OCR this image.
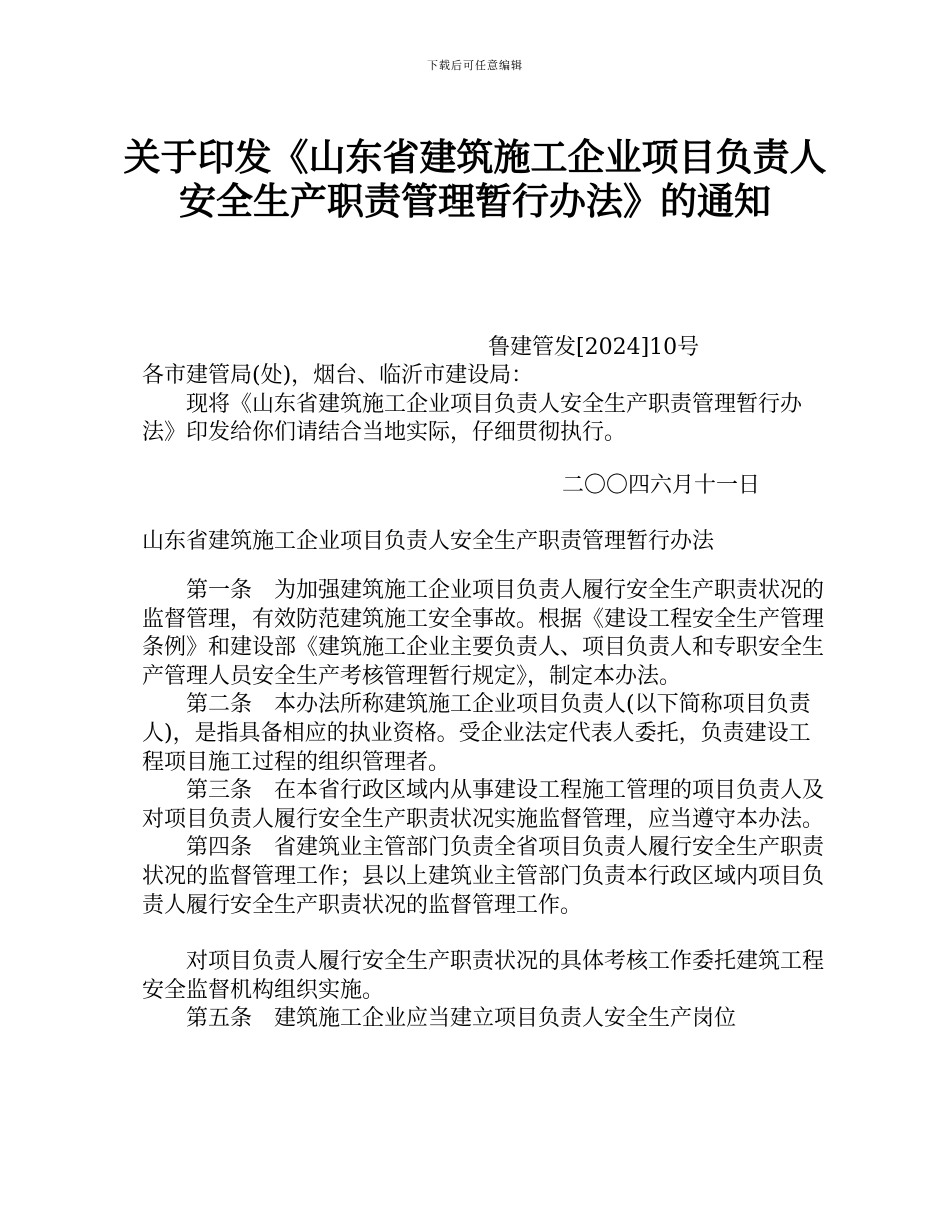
下载后可任意编辑
关于印发《山东省建筑施工企业项目负责人安全生产职责管理暂行办法》的通知
鲁建管发[2024]10号

各市建管局(处)，烟台、临沂市建设局：

现将《山东省建筑施工企业项目负责人安全生产职责管理暂行办法》印发给你们请结合当地实际，仔细贯彻执行。

二〇〇四六月十一日

山东省建筑施工企业项目负责人安全生产职责管理暂行办法

第一条　为加强建筑施工企业项目负责人履行安全生产职责状况的监督管理，有效防范建筑施工安全事故。根据《建设工程安全生产管理条例》和建设部《建筑施工企业主要负责人、项目负责人和专职安全生产管理人员安全生产考核管理暂行规定》，制定本办法。

第二条　本办法所称建筑施工企业项目负责人(以下简称项目负责人)，是指具备相应的执业资格。受企业法定代表人委托，负责建设工程项目施工过程的组织管理者。

第三条　在本省行政区域内从事建设工程施工管理的项目负责人及对项目负责人履行安全生产职责状况实施监督管理，应当遵守本办法。

第四条　省建筑业主管部门负责全省项目负责人履行安全生产职责状况的监督管理工作；县以上建筑业主管部门负责本行政区域内项目负责人履行安全生产职责状况的监督管理工作。

对项目负责人履行安全生产职责状况的具体考核工作委托建筑工程安全监督机构组织实施。

第五条　建筑施工企业应当建立项目负责人安全生产岗位
